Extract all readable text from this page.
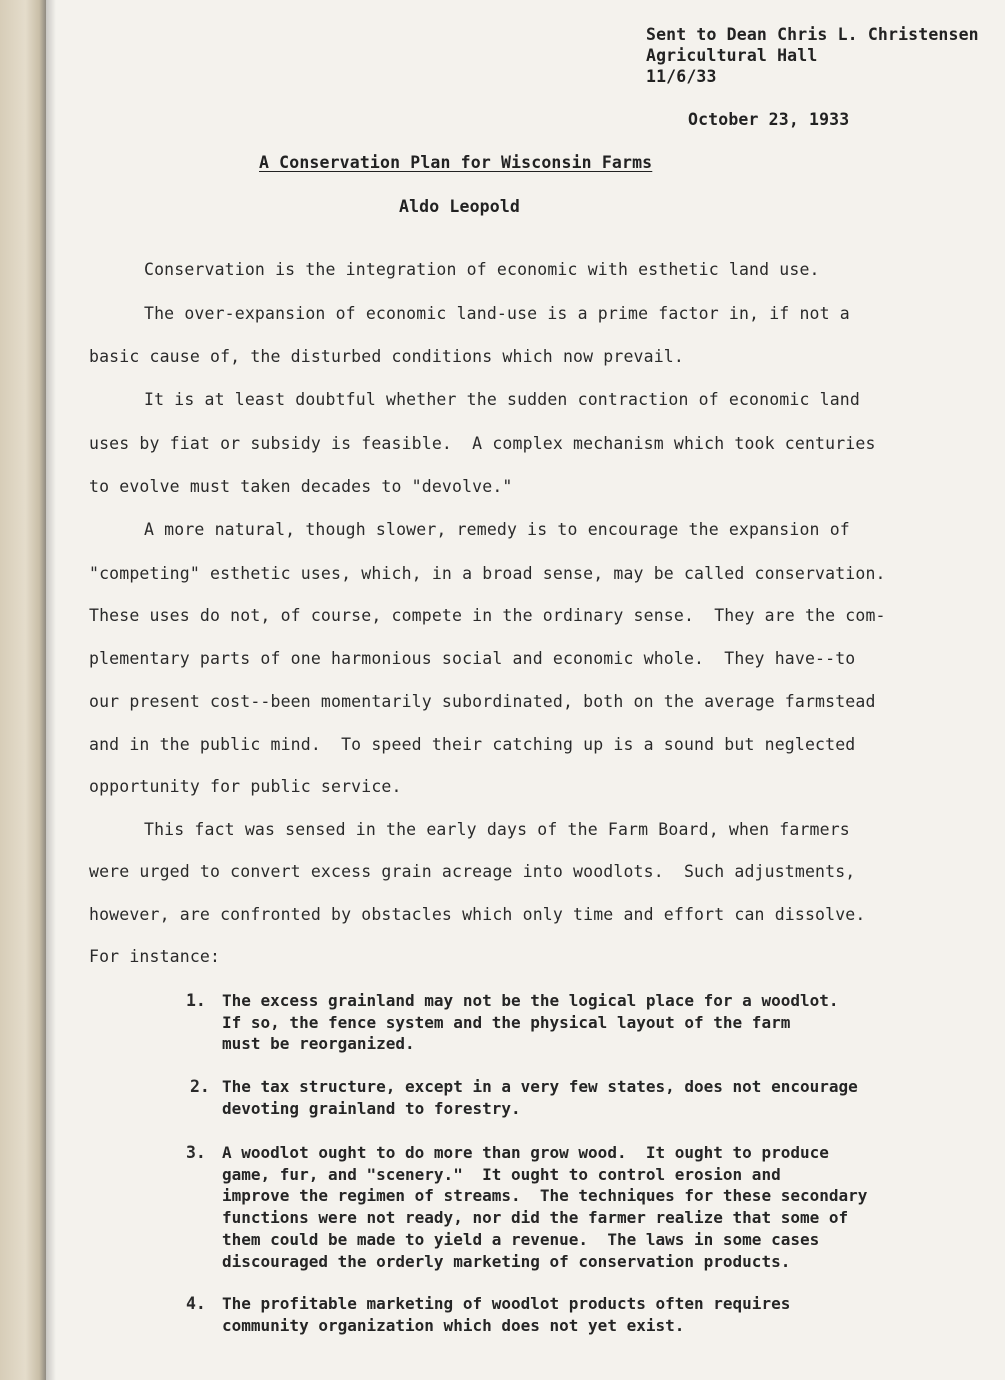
Sent to Dean Chris L. Christensen
Agricultural Hall
11/6/33
October 23, 1933
A Conservation Plan for Wisconsin Farms
Aldo Leopold
Conservation is the integration of economic with esthetic land use.
The over-expansion of economic land-use is a prime factor in, if not a
basic cause of, the disturbed conditions which now prevail.
It is at least doubtful whether the sudden contraction of economic land
uses by fiat or subsidy is feasible.  A complex mechanism which took centuries
to evolve must taken decades to "devolve."
A more natural, though slower, remedy is to encourage the expansion of
"competing" esthetic uses, which, in a broad sense, may be called conservation.
These uses do not, of course, compete in the ordinary sense.  They are the com-
plementary parts of one harmonious social and economic whole.  They have--to
our present cost--been momentarily subordinated, both on the average farmstead
and in the public mind.  To speed their catching up is a sound but neglected
opportunity for public service.
This fact was sensed in the early days of the Farm Board, when farmers
were urged to convert excess grain acreage into woodlots.  Such adjustments,
however, are confronted by obstacles which only time and effort can dissolve.
For instance:
1. The excess grainland may not be the logical place for a woodlot.
If so, the fence system and the physical layout of the farm
must be reorganized.
2. The tax structure, except in a very few states, does not encourage
devoting grainland to forestry.
3. A woodlot ought to do more than grow wood.  It ought to produce
game, fur, and "scenery."  It ought to control erosion and
improve the regimen of streams.  The techniques for these secondary
functions were not ready, nor did the farmer realize that some of
them could be made to yield a revenue.  The laws in some cases
discouraged the orderly marketing of conservation products.
4. The profitable marketing of woodlot products often requires
community organization which does not yet exist.
